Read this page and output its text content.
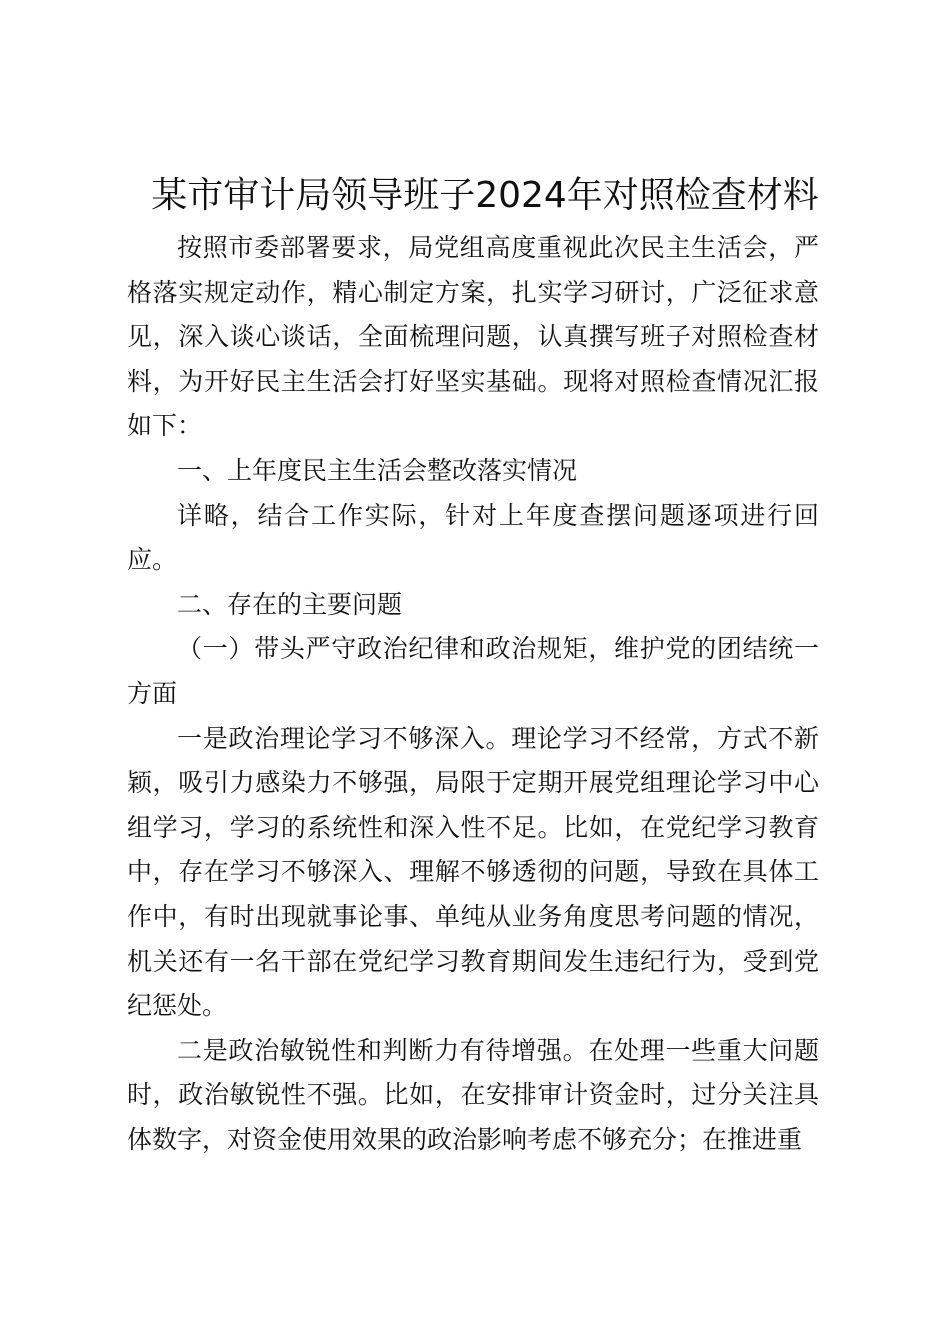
某市审计局领导班子2024年对照检查材料

按照市委部署要求，局党组高度重视此次民主生活会，严格落实规定动作，精心制定方案，扎实学习研讨，广泛征求意见，深入谈心谈话，全面梳理问题，认真撰写班子对照检查材料，为开好民主生活会打好坚实基础。现将对照检查情况汇报如下：

一、上年度民主生活会整改落实情况

详略，结合工作实际，针对上年度查摆问题逐项进行回应。

二、存在的主要问题

（一）带头严守政治纪律和政治规矩，维护党的团结统一方面

一是政治理论学习不够深入。理论学习不经常，方式不新颖，吸引力感染力不够强，局限于定期开展党组理论学习中心组学习，学习的系统性和深入性不足。比如，在党纪学习教育中，存在学习不够深入、理解不够透彻的问题，导致在具体工作中，有时出现就事论事、单纯从业务角度思考问题的情况，机关还有一名干部在党纪学习教育期间发生违纪行为，受到党纪惩处。

二是政治敏锐性和判断力有待增强。在处理一些重大问题时，政治敏锐性不强。比如，在安排审计资金时，过分关注具体数字，对资金使用效果的政治影响考虑不够充分；在推进重
